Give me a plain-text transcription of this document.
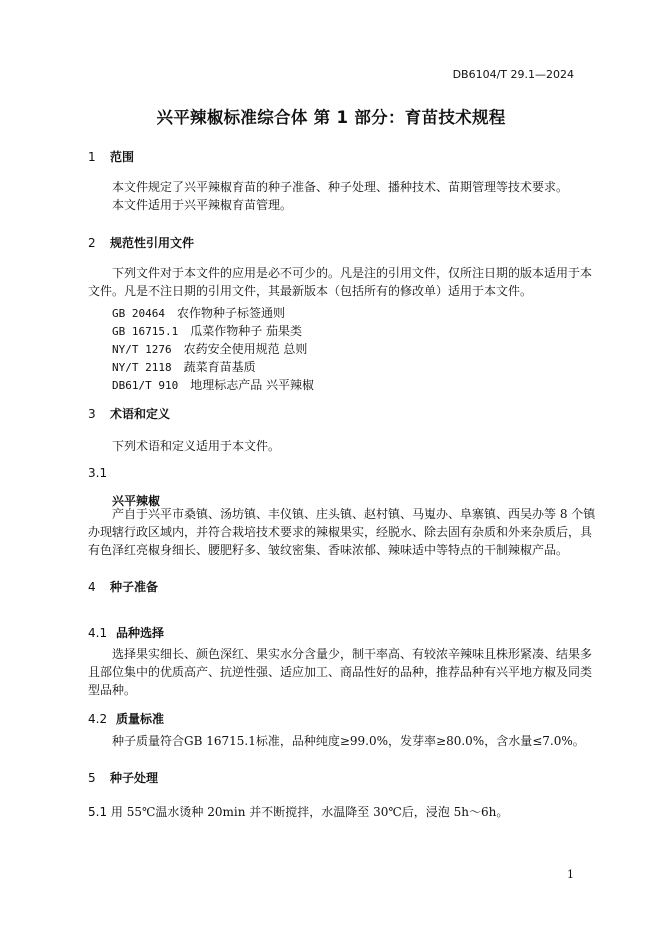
DB6104/T 29.1—2024
兴平辣椒标准综合体 第 1 部分：育苗技术规程
1 范围
本文件规定了兴平辣椒育苗的种子准备、种子处理、播种技术、苗期管理等技术要求。
本文件适用于兴平辣椒育苗管理。
2 规范性引用文件
下列文件对于本文件的应用是必不可少的。凡是注的引用文件，仅所注日期的版本适用于本
文件。凡是不注日期的引用文件，其最新版本（包括所有的修改单）适用于本文件。
GB 20464 农作物种子标签通则
GB 16715.1 瓜菜作物种子 茄果类
NY/T 1276 农药安全使用规范 总则
NY/T 2118 蔬菜育苗基质
DB61/T 910 地理标志产品 兴平辣椒
3 术语和定义
下列术语和定义适用于本文件。
3.1
兴平辣椒
产自于兴平市桑镇、汤坊镇、丰仪镇、庄头镇、赵村镇、马嵬办、阜寨镇、西吴办等 8 个镇
办现辖行政区域内，并符合栽培技术要求的辣椒果实，经脱水、除去固有杂质和外来杂质后，具
有色泽红亮椒身细长、腰肥籽多、皱纹密集、香味浓郁、辣味适中等特点的干制辣椒产品。
4 种子准备
4.1 品种选择
选择果实细长、颜色深红、果实水分含量少，制干率高、有较浓辛辣味且株形紧凑、结果多
且部位集中的优质高产、抗逆性强、适应加工、商品性好的品种，推荐品种有兴平地方椒及同类
型品种。
4.2 质量标准
种子质量符合GB 16715.1标准，品种纯度≥99.0%，发芽率≥80.0%，含水量≤7.0%。
5 种子处理
5.1 用 55℃温水烫种 20min 并不断搅拌，水温降至 30℃后，浸泡 5h～6h。
1
